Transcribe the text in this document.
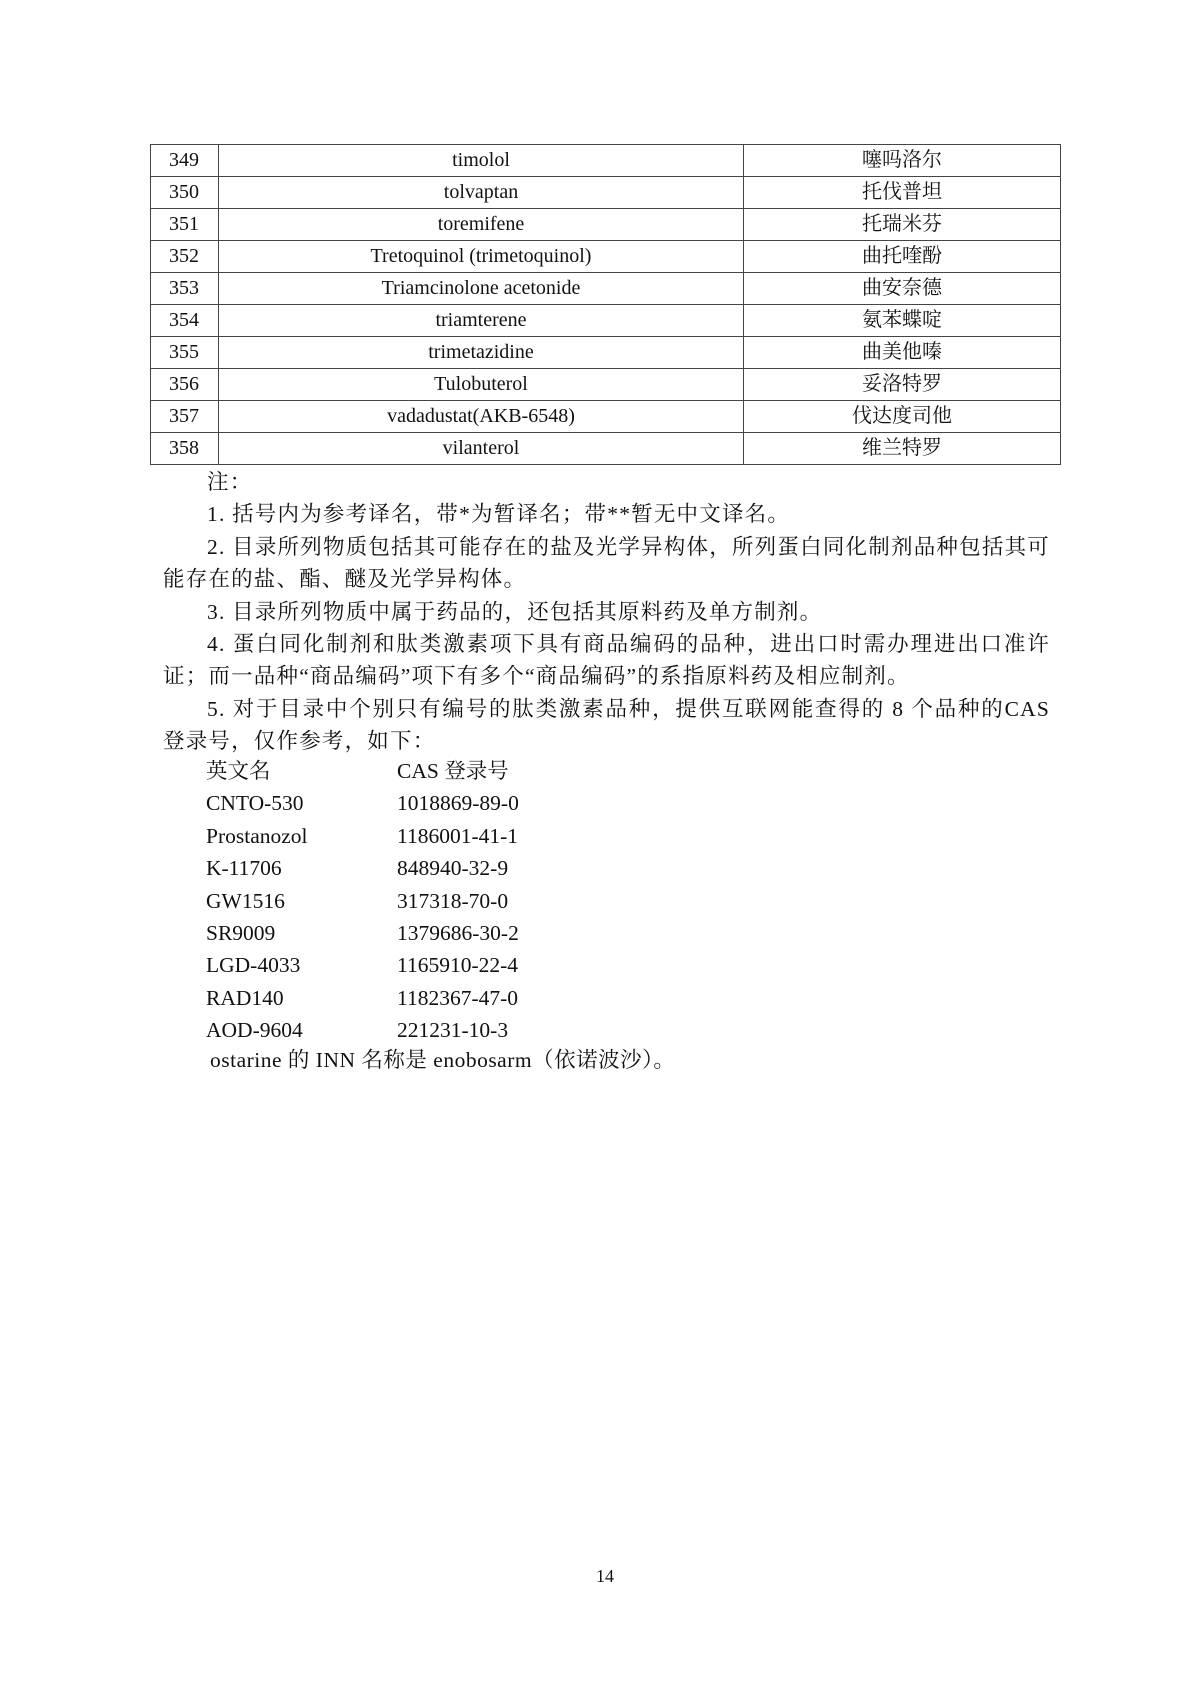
349	timolol	噻吗洛尔
350	tolvaptan	托伐普坦
351	toremifene	托瑞米芬
352	Tretoquinol (trimetoquinol)	曲托喹酚
353	Triamcinolone acetonide	曲安奈德
354	triamterene	氨苯蝶啶
355	trimetazidine	曲美他嗪
356	Tulobuterol	妥洛特罗
357	vadadustat(AKB-6548)	伐达度司他
358	vilanterol	维兰特罗

注：

1. 括号内为参考译名，带*为暂译名；带**暂无中文译名。

2. 目录所列物质包括其可能存在的盐及光学异构体，所列蛋白同化制剂品种包括其可能存在的盐、酯、醚及光学异构体。

3. 目录所列物质中属于药品的，还包括其原料药及单方制剂。

4. 蛋白同化制剂和肽类激素项下具有商品编码的品种，进出口时需办理进出口准许证；而一品种“商品编码”项下有多个“商品编码”的系指原料药及相应制剂。

5. 对于目录中个别只有编号的肽类激素品种，提供互联网能查得的 8 个品种的CAS 登录号，仅作参考，如下：

英文名	CAS 登录号
CNTO-530	1018869-89-0
Prostanozol	1186001-41-1
K-11706	848940-32-9
GW1516	317318-70-0
SR9009	1379686-30-2
LGD-4033	1165910-22-4
RAD140	1182367-47-0
AOD-9604	221231-10-3
ostarine 的 INN 名称是 enobosarm（依诺波沙）。
14
